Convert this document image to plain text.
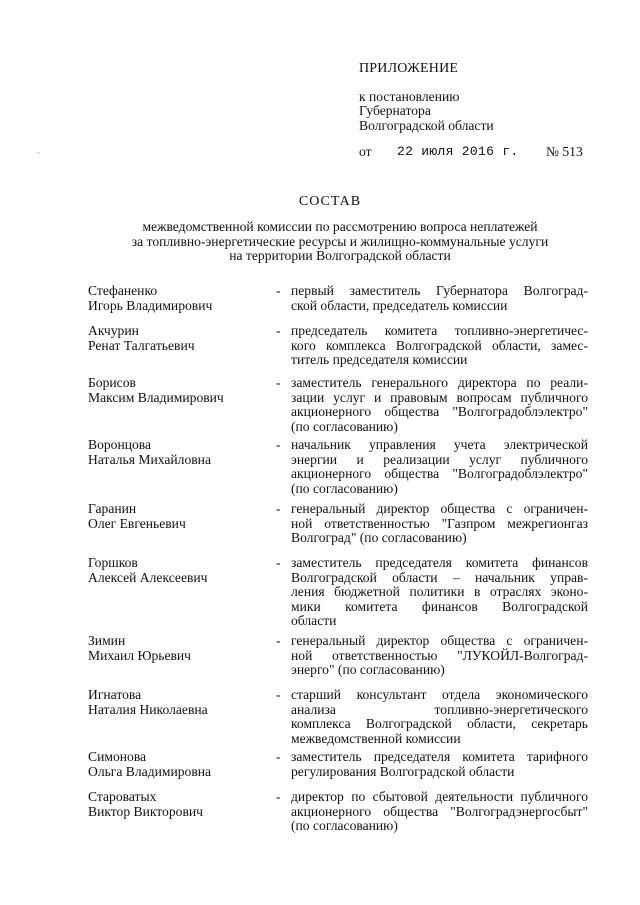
ПРИЛОЖЕНИЕ
к постановлению
Губернатора
Волгоградской области
от 22 июля 2016 г. № 513
СОСТАВ
межведомственной комиссии по рассмотрению вопроса неплатежей
за топливно-энергетические ресурсы и жилищно-коммунальные услуги
на территории Волгоградской области
Стефаненко
Игорь Владимирович
- первый заместитель Губернатора Волгоград-
ской области, председатель комиссии
Акчурин
Ренат Талгатьевич
- председатель комитета топливно-энергетичес-
кого комплекса Волгоградской области, замес-
титель председателя комиссии
Борисов
Максим Владимирович
- заместитель генерального директора по реали-
зации услуг и правовым вопросам публичного
акционерного общества "Волгоградоблэлектро"
(по согласованию)
Воронцова
Наталья Михайловна
- начальник управления учета электрической
энергии и реализации услуг публичного
акционерного общества "Волгоградоблэлектро"
(по согласованию)
Гаранин
Олег Евгеньевич
- генеральный директор общества с ограничен-
ной ответственностью "Газпром межрегионгаз
Волгоград" (по согласованию)
Горшков
Алексей Алексеевич
- заместитель председателя комитета финансов
Волгоградской области – начальник управ-
ления бюджетной политики в отраслях эконо-
мики комитета финансов Волгоградской
области
Зимин
Михаил Юрьевич
- генеральный директор общества с ограничен-
ной ответственностью "ЛУКОЙЛ-Волгоград-
энерго" (по согласованию)
Игнатова
Наталия Николаевна
- старший консультант отдела экономического
анализа топливно-энергетического
комплекса Волгоградской области, секретарь
межведомственной комиссии
Симонова
Ольга Владимировна
- заместитель председателя комитета тарифного
регулирования Волгоградской области
Староватых
Виктор Викторович
- директор по сбытовой деятельности публичного
акционерного общества "Волгоградэнергосбыт"
(по согласованию)
